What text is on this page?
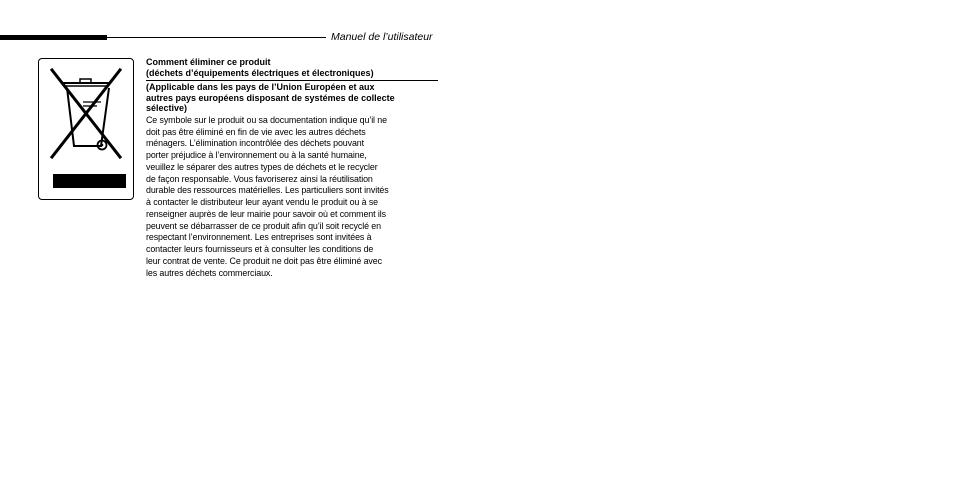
Manuel de l’utilisateur
Comment éliminer ce produit
(déchets d’équipements électriques et électroniques)
(Applicable dans les pays de l’Union Européen et aux
autres pays européens disposant de systémes de collecte
sélective)
Ce symbole sur le produit ou sa documentation indique qu’il ne
doit pas être éliminé en fin de vie avec les autres déchets
ménagers. L’élimination incontrôlée des déchets pouvant
porter préjudice à l’environnement ou à la santé humaine,
veuillez le séparer des autres types de déchets et le recycler
de façon responsable. Vous favoriserez ainsi la réutilisation
durable des ressources matérielles. Les particuliers sont invités
à contacter le distributeur leur ayant vendu le produit ou à se
renseigner auprès de leur mairie pour savoir où et comment ils
peuvent se débarrasser de ce produit afin qu’il soit recyclé en
respectant l’environnement. Les entreprises sont invitées à
contacter leurs fournisseurs et à consulter les conditions de
leur contrat de vente. Ce produit ne doit pas être éliminé avec
les autres déchets commerciaux.
